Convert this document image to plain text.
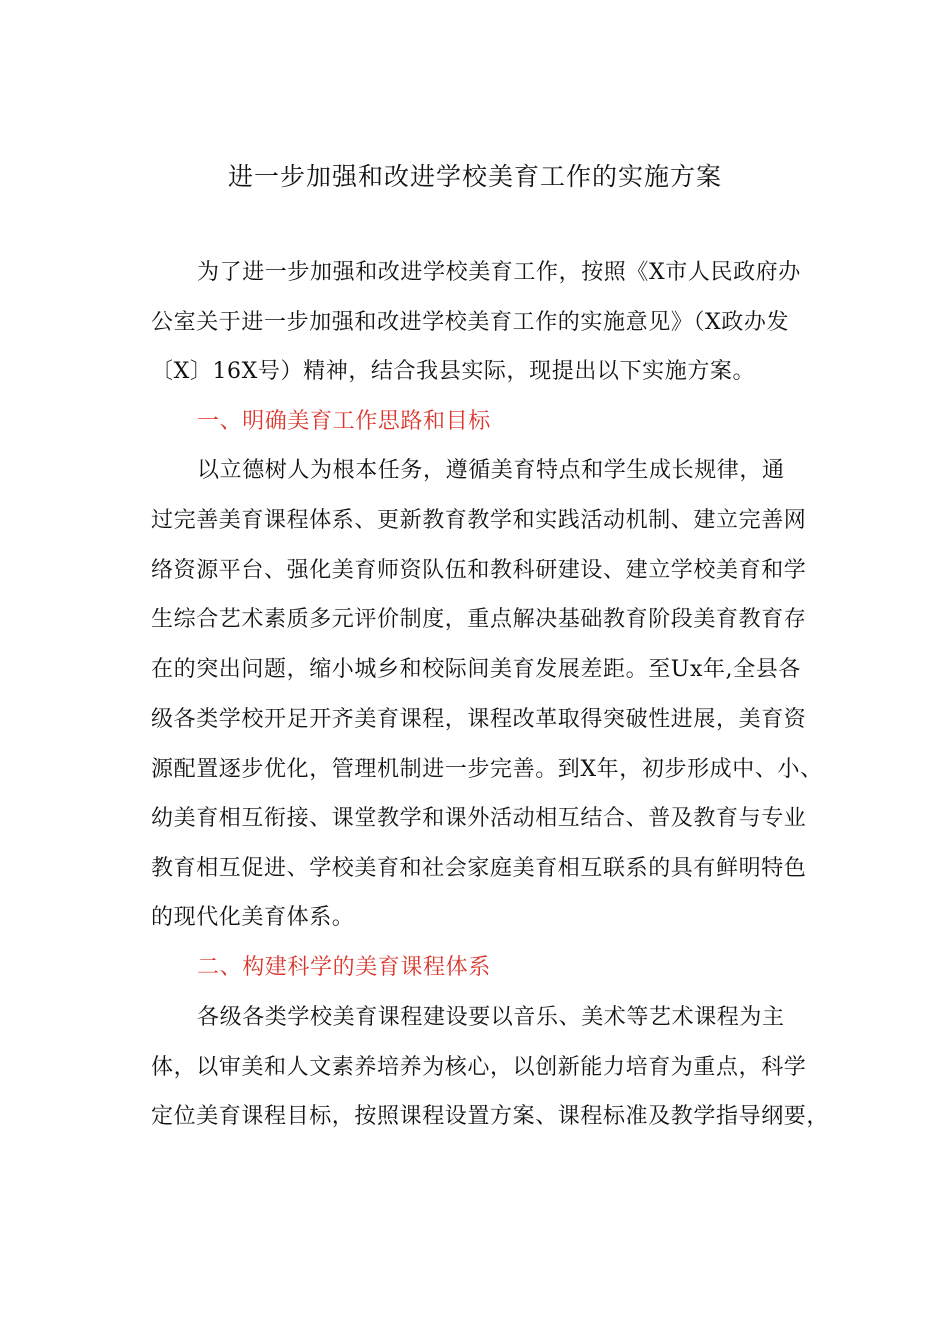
进一步加强和改进学校美育工作的实施方案
为了进一步加强和改进学校美育工作，按照《X市人民政府办
公室关于进一步加强和改进学校美育工作的实施意见》（X政办发
〔X〕16X号）精神，结合我县实际，现提出以下实施方案。
一、明确美育工作思路和目标
以立德树人为根本任务，遵循美育特点和学生成长规律，通
过完善美育课程体系、更新教育教学和实践活动机制、建立完善网
络资源平台、强化美育师资队伍和教科研建设、建立学校美育和学
生综合艺术素质多元评价制度，重点解决基础教育阶段美育教育存
在的突出问题，缩小城乡和校际间美育发展差距。至Ux年,全县各
级各类学校开足开齐美育课程，课程改革取得突破性进展，美育资
源配置逐步优化，管理机制进一步完善。到X年，初步形成中、小、
幼美育相互衔接、课堂教学和课外活动相互结合、普及教育与专业
教育相互促进、学校美育和社会家庭美育相互联系的具有鲜明特色
的现代化美育体系。
二、构建科学的美育课程体系
各级各类学校美育课程建设要以音乐、美术等艺术课程为主
体，以审美和人文素养培养为核心，以创新能力培育为重点，科学
定位美育课程目标，按照课程设置方案、课程标准及教学指导纲要，
